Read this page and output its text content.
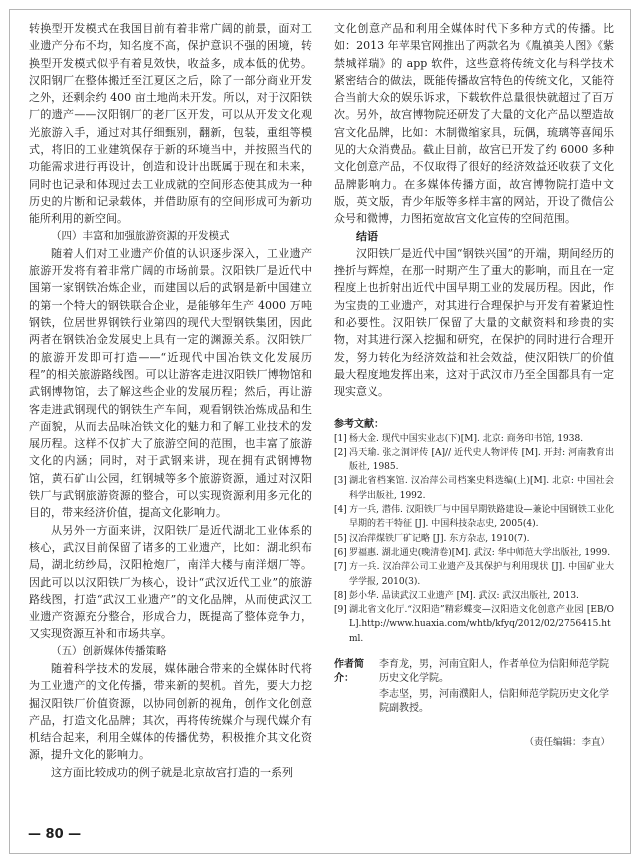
转换型开发模式在我国目前有着非常广阔的前景，面对工业遗产分布不均，知名度不高，保护意识不强的困境，转换型开发模式似乎有着見效快，收益多，成本低的优势。汉阳钢厂在整体搬迁至江夏区之后，除了一部分商业开发之外，还剩余约 400 亩土地尚未开发。所以，对于汉阳铁厂的遗产——汉阳钢厂的老厂区开发，可以从开发文化观光旅游入手，通过对其仔细甄别，翻新，包装，重组等模式，将旧的工业建筑保存于新的环境当中，并按照当代的功能需求进行再设计，创造和设计出既属于现在和未来，同时也记录和体现过去工业成就的空间形态使其成为一种历史的片断和记录载体，并借助原有的空间形成可为新功能所利用的新空间。

（四）丰富和加强旅游资源的开发模式

随着人们对工业遗产价值的认识逐步深入，工业遗产旅游开发将有着非常广阔的市场前景。汉阳铁厂是近代中国第一家钢铁冶炼企业，而建国以后的武钢是新中国建立的第一个特大的钢铁联合企业，是能够年生产 4000 万吨钢铁，位居世界钢铁行业第四的现代大型钢铁集团，因此两者在钢铁冶金发展史上具有一定的渊源关系。汉阳铁厂的旅游开发即可打造——“近现代中国冶铁文化发展历程”的相关旅游路线图。可以让游客走进汉阳铁厂博物馆和武钢博物馆，去了解这些企业的发展历程；然后，再让游客走进武钢现代的钢铁生产车间，观看钢铁冶炼成品和生产面貌，从而去品味冶铁文化的魅力和了解工业技术的发展历程。这样不仅扩大了旅游空间的范围，也丰富了旅游文化的内涵；同时，对于武钢来讲，现在拥有武钢博物馆，黄石矿山公园，红钢城等多个旅游资源，通过对汉阳铁厂与武钢旅游资源的整合，可以实现资源利用多元化的目的，带来经济价值，提高文化影响力。

从另外一方面来讲，汉阳铁厂是近代湖北工业体系的核心，武汉目前保留了诸多的工业遗产，比如：湖北织布局，湖北纺纱局，汉阳枪炮厂，南洋大楼与南洋烟厂等。因此可以以汉阳铁厂为核心，设计“武汉近代工业”的旅游路线图，打造“武汉工业遗产”的文化品牌，从而使武汉工业遗产资源充分整合，形成合力，既提高了整体竞争力，又实现资源互补和市场共享。

（五）创新媒体传播策略

随着科学技术的发展，媒体融合带来的全媒体时代将为工业遗产的文化传播，带来新的契机。首先，要大力挖掘汉阳铁厂价值资源，以协同创新的视角，创作文化创意产品，打造文化品牌；其次，再将传统媒介与现代媒介有机结合起来，利用全媒体的传播优势，积极推介其文化资源，提升文化的影响力。

这方面比较成功的例子就是北京故宫打造的一系列

文化创意产品和利用全媒体时代下多种方式的传播。比如：2013 年苹果官网推出了两款名为《胤禛美人图》《紫禁城祥瑞》的 app 软件，这些意将传统文化与科学技术紧密结合的做法，既能传播故宫特色的传统文化，又能符合当前大众的娱乐诉求，下载软件总量很快就超过了百万次。另外，故宫博物院还研发了大量的文化产品以塑造故宫文化品牌，比如：木制微缩家具，玩偶，琉璃等喜闻乐见的大众消费品。截止目前，故宫已开发了约 6000 多种文化创意产品，不仅取得了很好的经济效益还收获了文化品牌影响力。在多媒体传播方面，故宫博物院打造中文版，英文版，青少年版等多样丰富的网站，开设了微信公众号和微博，力图拓宽故宫文化宣传的空间范围。

结语

汉阳铁厂是近代中国“钢铁兴国”的开端，期间经历的挫折与辉煌，在那一时期产生了重大的影响，而且在一定程度上也折射出近代中国早期工业的发展历程。因此，作为宝贵的工业遗产，对其进行合理保护与开发有着紧迫性和必要性。汉阳铁厂保留了大量的文献资料和珍贵的实物，对其进行深入挖掘和研究，在保护的同时进行合理开发，努力转化为经济效益和社会效益，使汉阳铁厂的价值最大程度地发挥出来，这对于武汉市乃至全国都具有一定现实意义。

参考文献：
[1] 杨大金. 现代中国实业志(下)[M]. 北京: 商务印书馆, 1938.
[2] 冯天瑜. 张之洞评传 [A]// 近代史人物评传 [M]. 开封: 河南教育出版社, 1985.
[3] 湖北省档案馆. 汉冶萍公司档案史料选编(上)[M]. 北京: 中国社会科学出版社, 1992.
[4] 方一兵, 潜伟. 汉阳铁厂与中国早期铁路建设—兼论中国钢铁工业化早期的若干特征 [J]. 中国科技杂志史, 2005(4).
[5] 汉冶萍煤铁厂矿记略 [J]. 东方杂志, 1910(7).
[6] 罗福惠. 湖北通史(晚清卷)[M]. 武汉: 华中师范大学出版社, 1999.
[7] 方一兵. 汉冶萍公司工业遗产及其保护与利用现状 [J]. 中国矿业大学学报, 2010(3).
[8] 彭小华. 品读武汉工业遗产 [M]. 武汉: 武汉出版社, 2013.
[9] 湖北省文化厅.“汉阳造”精彩蝶变—汉阳造文化创意产业园 [EB/OL].http://www.huaxia.com/whtb/kfyq/2012/02/2756415.html.
作者简介：
李育龙，男，河南宜阳人，作者单位为信阳师范学院历史文化学院。
李志坚，男，河南濮阳人，信阳师范学院历史文化学院副教授。
（责任编辑：李直）
— 80 —
